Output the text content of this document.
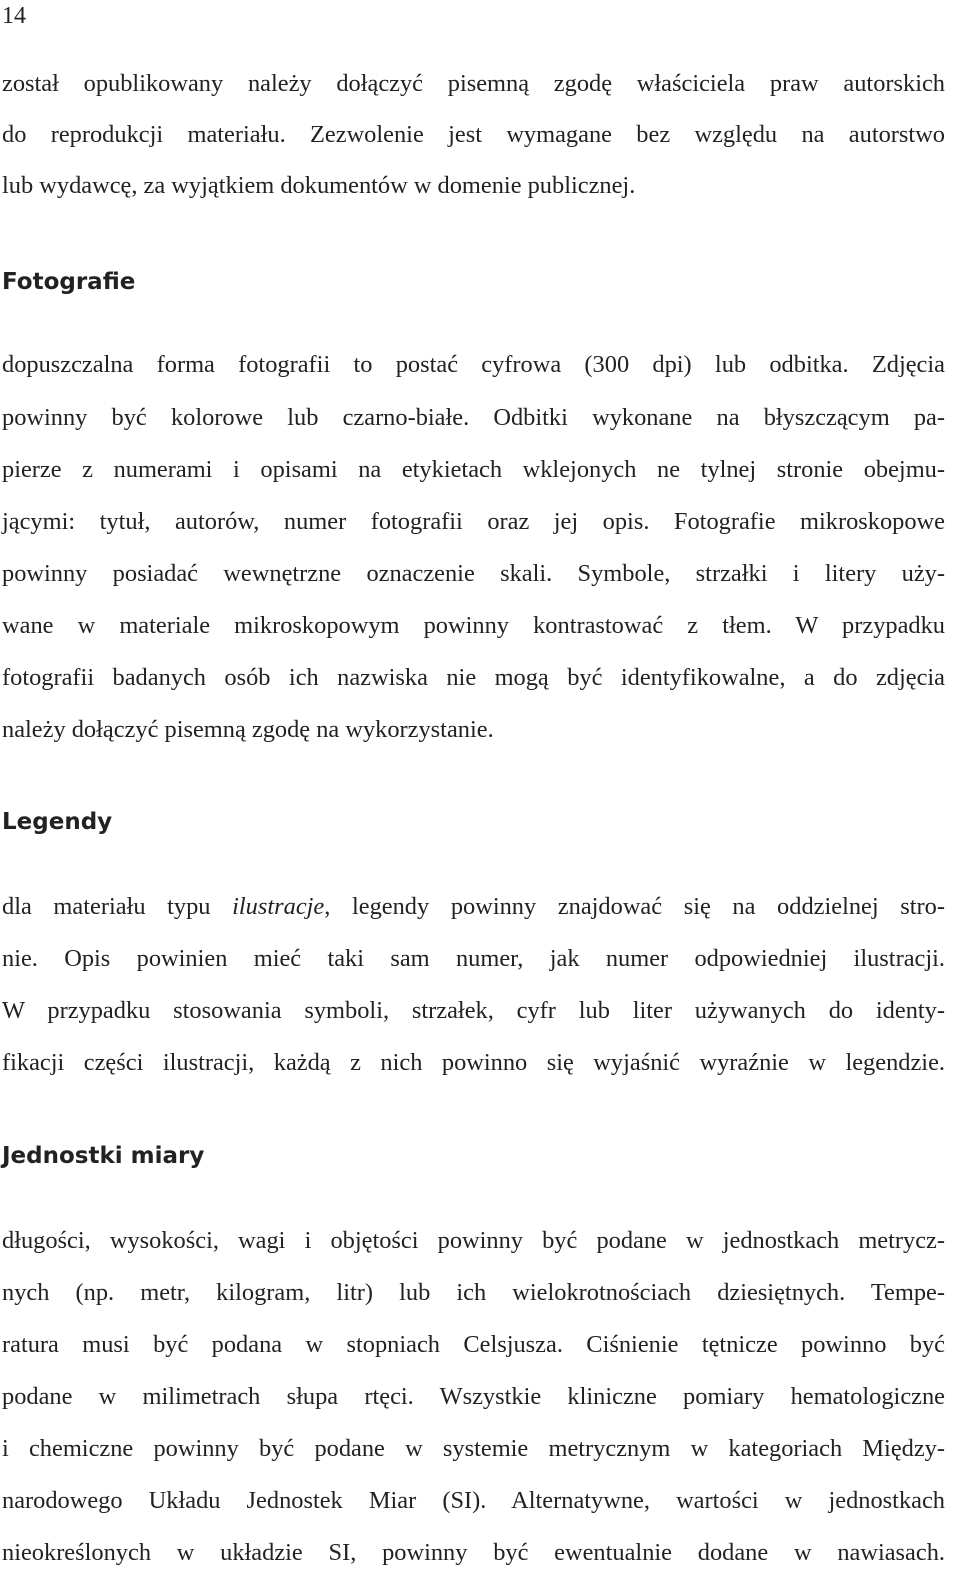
14
został opublikowany należy dołączyć pisemną zgodę właściciela praw autorskich
do reprodukcji materiału. Zezwolenie jest wymagane bez względu na autorstwo
lub wydawcę, za wyjątkiem dokumentów w domenie publicznej.
Fotografie
dopuszczalna forma fotografii to postać cyfrowa (300 dpi) lub odbitka. Zdjęcia
powinny być kolorowe lub czarno-białe. Odbitki wykonane na błyszczącym pa-
pierze z numerami i opisami na etykietach wklejonych ne tylnej stronie obejmu-
jącymi: tytuł, autorów, numer fotografii oraz jej opis. Fotografie mikroskopowe
powinny posiadać wewnętrzne oznaczenie skali. Symbole, strzałki i litery uży-
wane w materiale mikroskopowym powinny kontrastować z tłem. W przypadku
fotografii badanych osób ich nazwiska nie mogą być identyfikowalne, a do zdjęcia
należy dołączyć pisemną zgodę na wykorzystanie.
Legendy
dla materiału typu ilustracje, legendy powinny znajdować się na oddzielnej stro-
nie. Opis powinien mieć taki sam numer, jak numer odpowiedniej ilustracji.
W przypadku stosowania symboli, strzałek, cyfr lub liter używanych do identy-
fikacji części ilustracji, każdą z nich powinno się wyjaśnić wyraźnie w legendzie.
Jednostki miary
długości, wysokości, wagi i objętości powinny być podane w jednostkach metrycz-
nych (np. metr, kilogram, litr) lub ich wielokrotnościach dziesiętnych. Tempe-
ratura musi być podana w stopniach Celsjusza. Ciśnienie tętnicze powinno być
podane w milimetrach słupa rtęci. Wszystkie kliniczne pomiary hematologiczne
i chemiczne powinny być podane w systemie metrycznym w kategoriach Między-
narodowego Układu Jednostek Miar (SI). Alternatywne, wartości w jednostkach
nieokreślonych w układzie SI, powinny być ewentualnie dodane w nawiasach.
